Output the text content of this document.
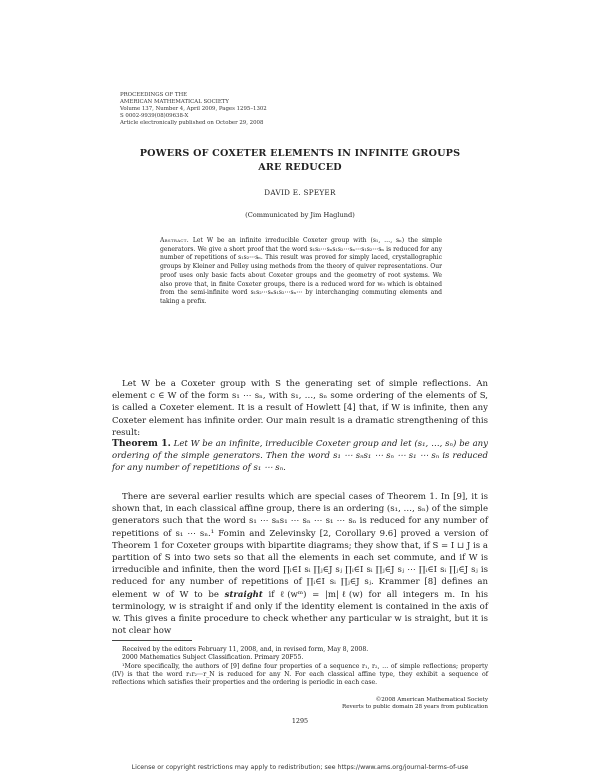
PROCEEDINGS OF THE
AMERICAN MATHEMATICAL SOCIETY
Volume 137, Number 4, April 2009, Pages 1295–1302
S 0002-9939(08)09638-X
Article electronically published on October 29, 2008
POWERS OF COXETER ELEMENTS IN INFINITE GROUPS
ARE REDUCED
DAVID E. SPEYER
(Communicated by Jim Haglund)
Abstract. Let W be an infinite irreducible Coxeter group with (s₁, …, sₙ) the simple generators. We give a short proof that the word s₁s₂⋯sₙs₁s₂⋯sₙ⋯s₁s₂⋯sₙ is reduced for any number of repetitions of s₁s₂⋯sₙ. This result was proved for simply laced, crystallographic groups by Kleiner and Pelley using methods from the theory of quiver representations. Our proof uses only basic facts about Coxeter groups and the geometry of root systems. We also prove that, in finite Coxeter groups, there is a reduced word for w₀ which is obtained from the semi-infinite word s₁s₂⋯sₙs₁s₂⋯sₙ⋯ by interchanging commuting elements and taking a prefix.
Let W be a Coxeter group with S the generating set of simple reflections. An element c ∈ W of the form s₁ ⋯ sₙ, with s₁, …, sₙ some ordering of the elements of S, is called a Coxeter element. It is a result of Howlett [4] that, if W is infinite, then any Coxeter element has infinite order. Our main result is a dramatic strengthening of this result:
Theorem 1. Let W be an infinite, irreducible Coxeter group and let (s₁, …, sₙ) be any ordering of the simple generators. Then the word s₁ ⋯ sₙs₁ ⋯ sₙ ⋯ s₁ ⋯ sₙ is reduced for any number of repetitions of s₁ ⋯ sₙ.
There are several earlier results which are special cases of Theorem 1. In [9], it is shown that, in each classical affine group, there is an ordering (s₁, …, sₙ) of the simple generators such that the word s₁ ⋯ sₙs₁ ⋯ sₙ ⋯ s₁ ⋯ sₙ is reduced for any number of repetitions of s₁ ⋯ sₙ.¹ Fomin and Zelevinsky [2, Corollary 9.6] proved a version of Theorem 1 for Coxeter groups with bipartite diagrams; they show that, if S = I ⊔ J is a partition of S into two sets so that all the elements in each set commute, and if W is irreducible and infinite, then the word ∏ᵢ∈I sᵢ ∏ⱼ∈J sⱼ ∏ᵢ∈I sᵢ ∏ⱼ∈J sⱼ ⋯ ∏ᵢ∈I sᵢ ∏ⱼ∈J sⱼ is reduced for any number of repetitions of ∏ᵢ∈I sᵢ ∏ⱼ∈J sⱼ. Krammer [8] defines an element w of W to be straight if ℓ(wᵐ) = |m|ℓ(w) for all integers m. In his terminology, w is straight if and only if the identity element is contained in the axis of w. This gives a finite procedure to check whether any particular w is straight, but it is not clear how
Received by the editors February 11, 2008, and, in revised form, May 8, 2008.
2000 Mathematics Subject Classification. Primary 20F55.
¹More specifically, the authors of [9] define four properties of a sequence r₁, r₂, … of simple reflections; property (IV) is that the word r₁r₂⋯r_N is reduced for any N. For each classical affine type, they exhibit a sequence of reflections which satisfies their properties and the ordering is periodic in each case.
©2008 American Mathematical Society
Reverts to public domain 28 years from publication
1295
License or copyright restrictions may apply to redistribution; see https://www.ams.org/journal-terms-of-use
